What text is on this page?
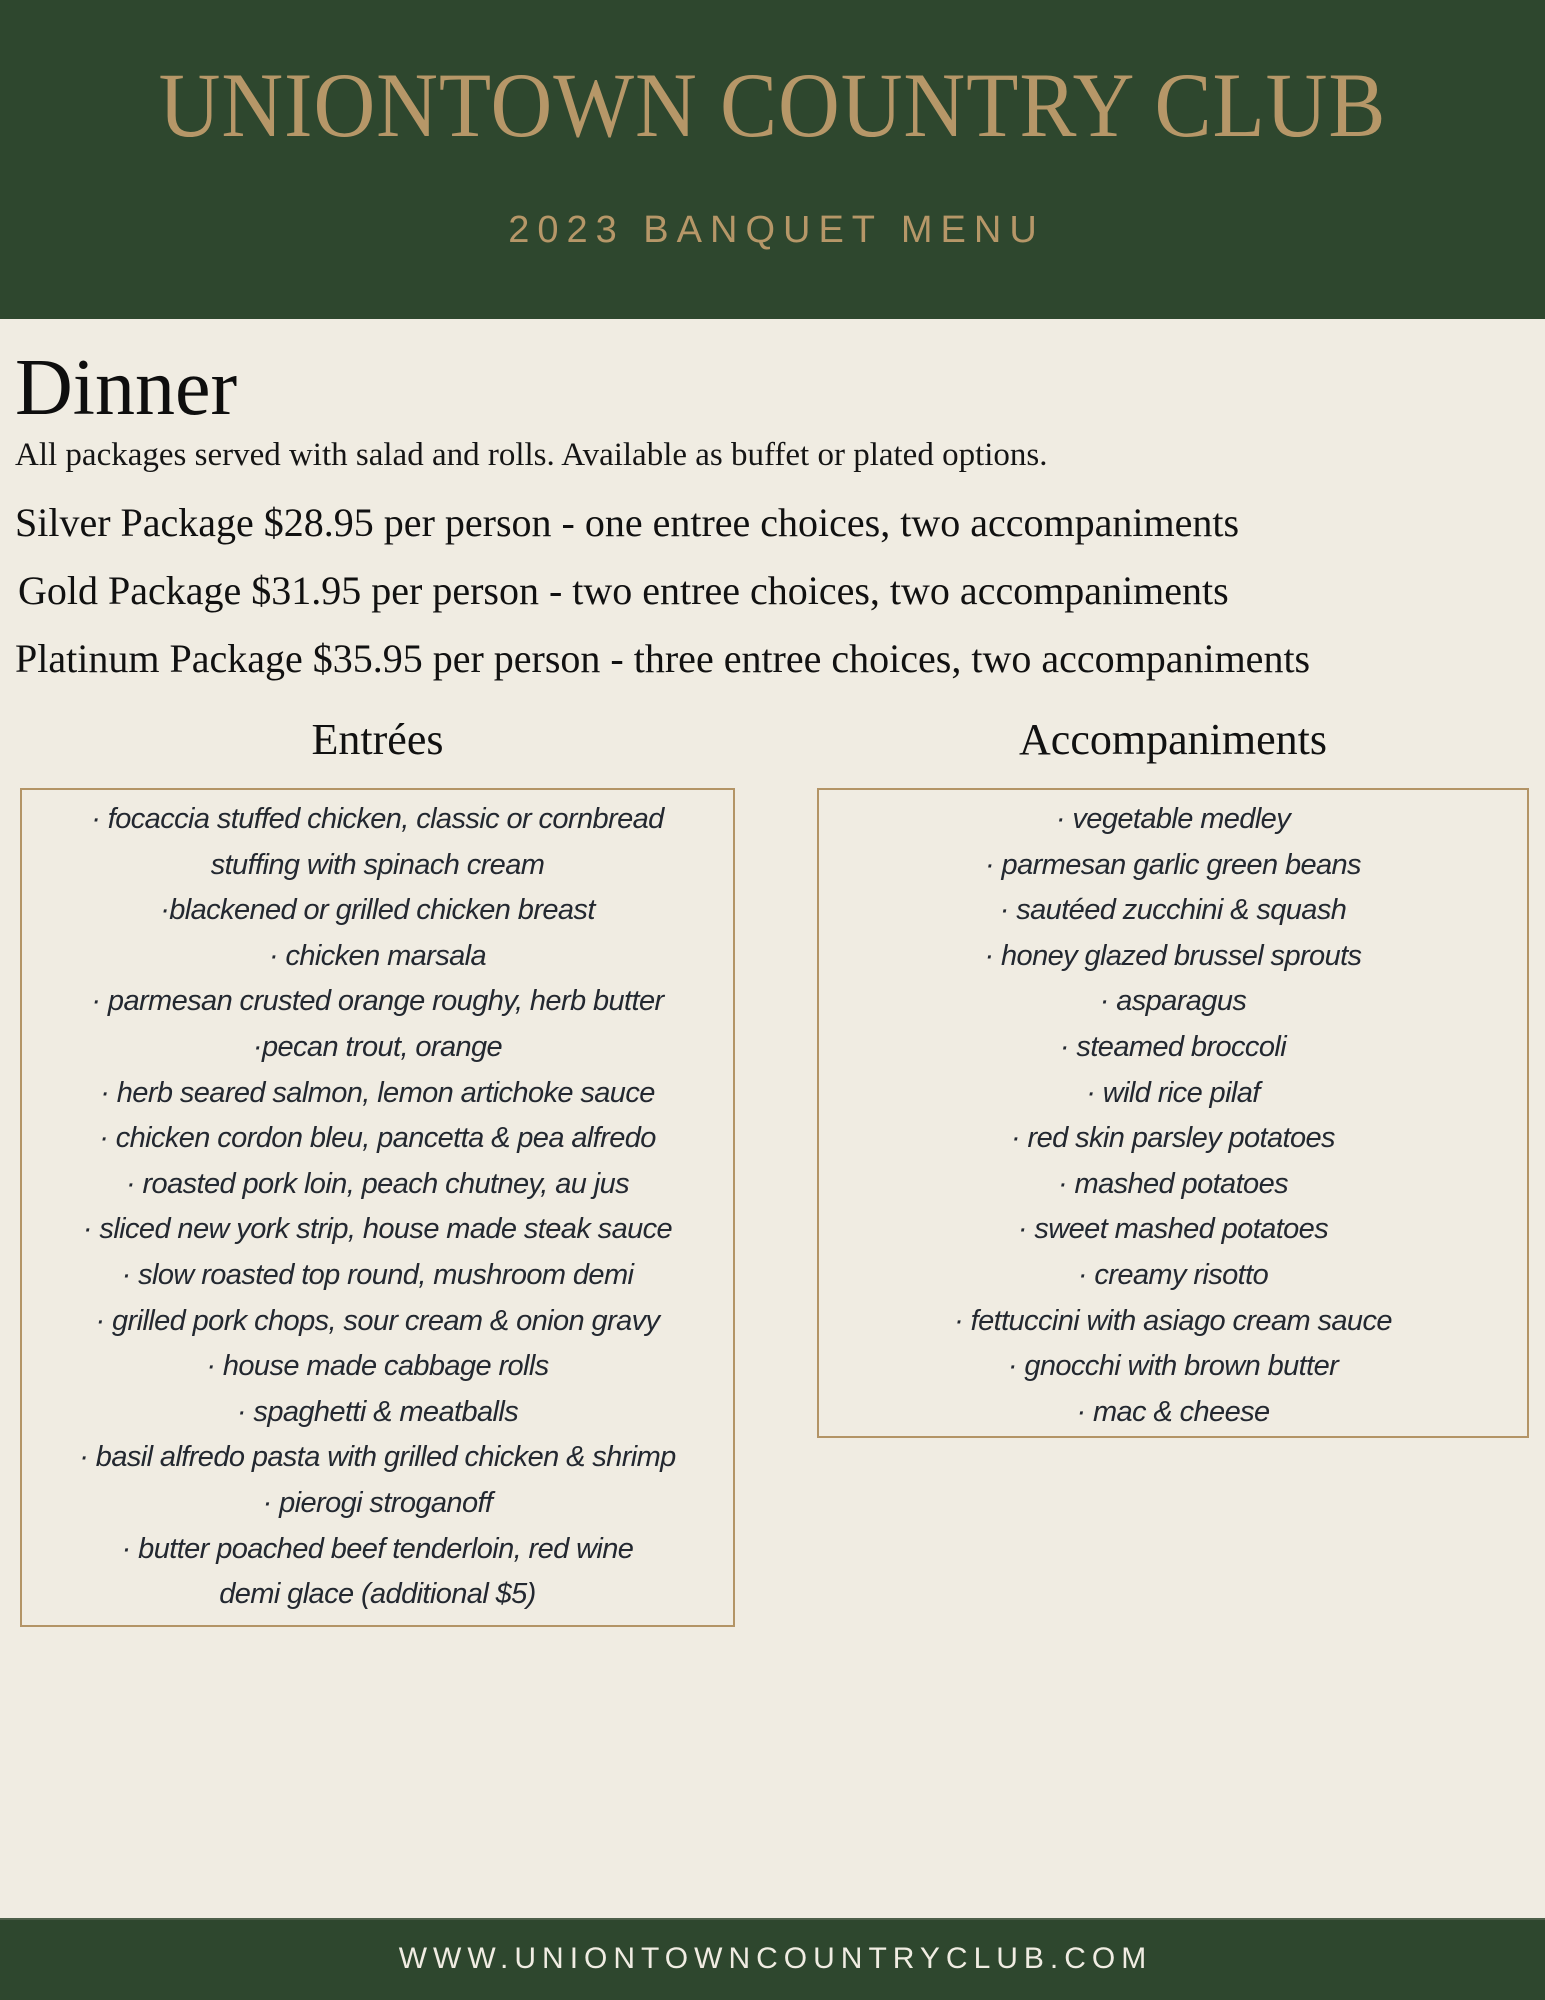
UNIONTOWN COUNTRY CLUB
2023 BANQUET MENU
Dinner
All packages served with salad and rolls. Available as buffet or plated options.
Silver Package $28.95 per person - one entree choices, two accompaniments
Gold Package $31.95 per person - two entree choices, two accompaniments
Platinum Package $35.95 per person - three entree choices, two accompaniments
Entrées	Accompaniments
· focaccia stuffed chicken, classic or cornbread
stuffing with spinach cream
·blackened or grilled chicken breast
· chicken marsala
· parmesan crusted orange roughy, herb butter
·pecan trout, orange
· herb seared salmon, lemon artichoke sauce
· chicken cordon bleu, pancetta & pea alfredo
· roasted pork loin, peach chutney, au jus
· sliced new york strip, house made steak sauce
· slow roasted top round, mushroom demi
· grilled pork chops, sour cream & onion gravy
· house made cabbage rolls
· spaghetti & meatballs
· basil alfredo pasta with grilled chicken & shrimp
· pierogi stroganoff
· butter poached beef tenderloin, red wine
demi glace (additional $5)
· vegetable medley
· parmesan garlic green beans
· sautéed zucchini & squash
· honey glazed brussel sprouts
· asparagus
· steamed broccoli
· wild rice pilaf
· red skin parsley potatoes
· mashed potatoes
· sweet mashed potatoes
· creamy risotto
· fettuccini with asiago cream sauce
· gnocchi with brown butter
· mac & cheese
WWW.UNIONTOWNCOUNTRYCLUB.COM
